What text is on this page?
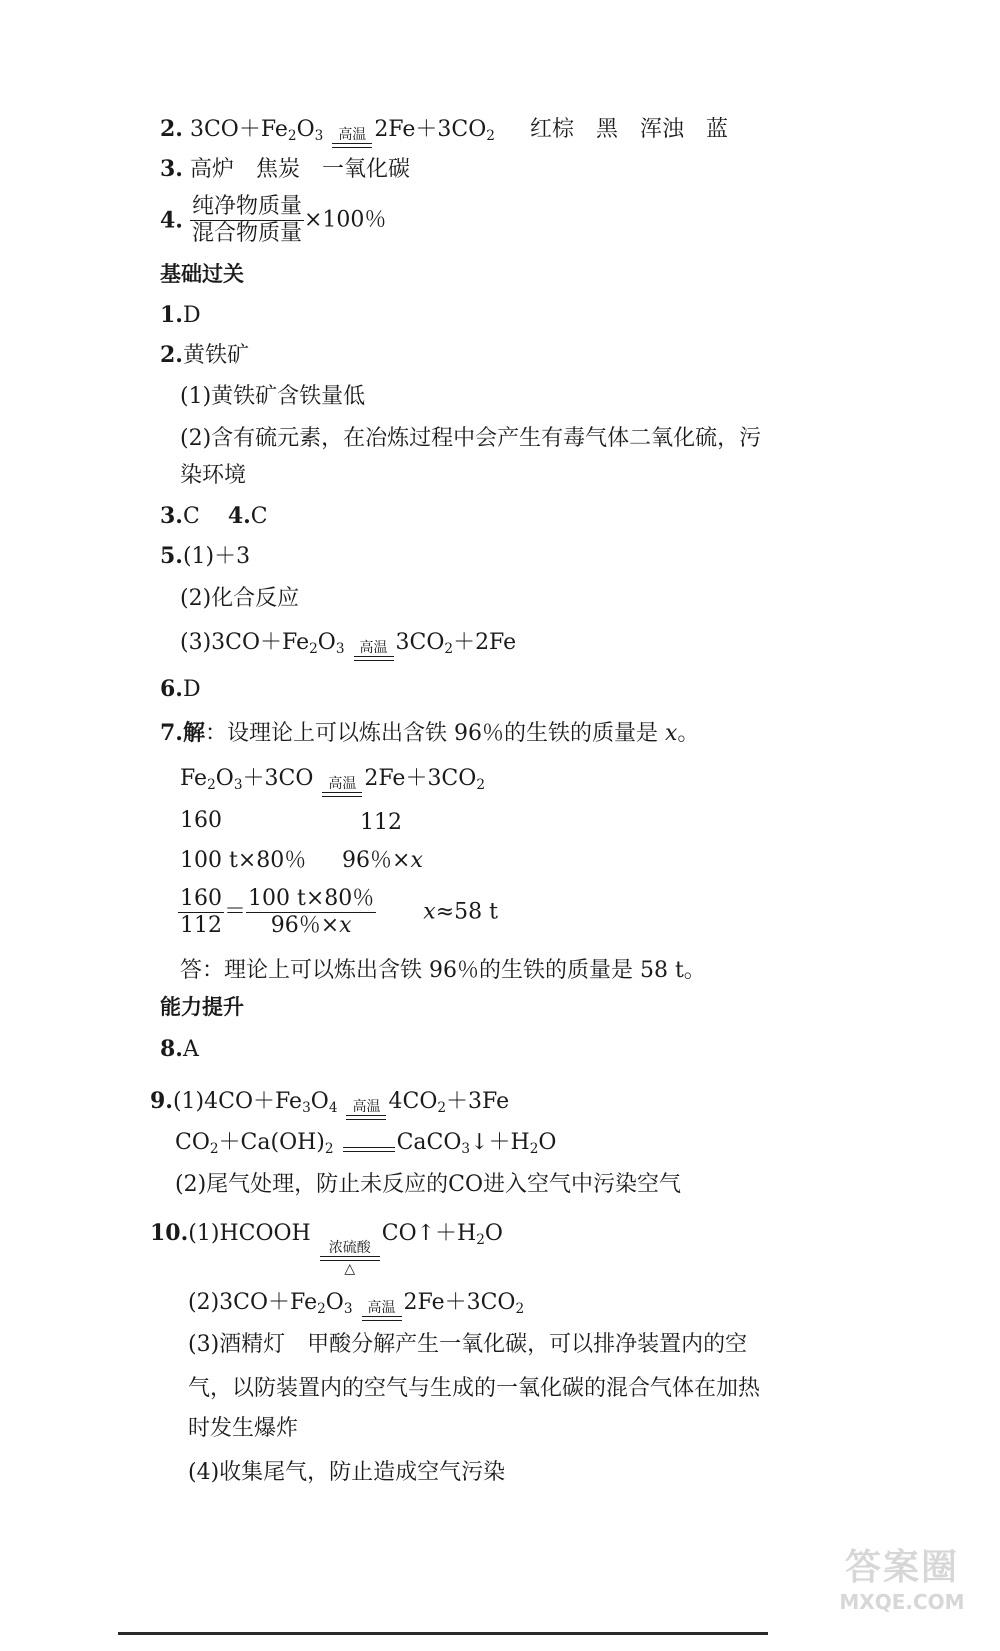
2. $3CO+Fe_2O_3$ 高温 $2Fe+3CO_2$ 红棕　黑　浑浊　蓝
3. 高炉　焦炭　一氧化碳
4. $\frac{\text{纯净物质量}}{\text{混合物质量}} \times 100$％
基础过关
1.D
2.黄铁矿
(1)黄铁矿含铁量低
(2)含有硫元素，在冶炼过程中会产生有毒气体二氧化硫，污
染环境
3.C 4.C
5.(1)＋3
(2)化合反应
$(3)3CO+Fe_2O_3$ 高温 $3CO_2+2Fe$
6.D
7.解：设理论上可以炼出含铁 96％的生铁的质量是 x。
$Fe_2O_3+3CO$ 高温 $2Fe+3CO_2$
160	112
100 t×80％ 96％×x
$\frac{160}{112} = \frac{100 t\times 80\%}{96\%\times x} x\approx 58$ t
答：理论上可以炼出含铁 96％的生铁的质量是 58 t。
能力提升
8.A
$9.(1)4CO+Fe_3O_4$ 高温 $4CO_2+3Fe$
$CO_2+Ca(OH)_2$	$CaCO_3↓+H_2O$
(2)尾气处理，防止未反应的CO进入空气中污染空气
10.(1)HCOOH
浓硫酸
△
$CO↑+H_2O$
$(2)3CO+Fe_2O_3$ 高温 $2Fe+3CO_2$
(3)酒精灯　甲酸分解产生一氧化碳，可以排净装置内的空
气，以防装置内的空气与生成的一氧化碳的混合气体在加热
时发生爆炸
(4)收集尾气，防止造成空气污染
答案圈
MXQE.COM
